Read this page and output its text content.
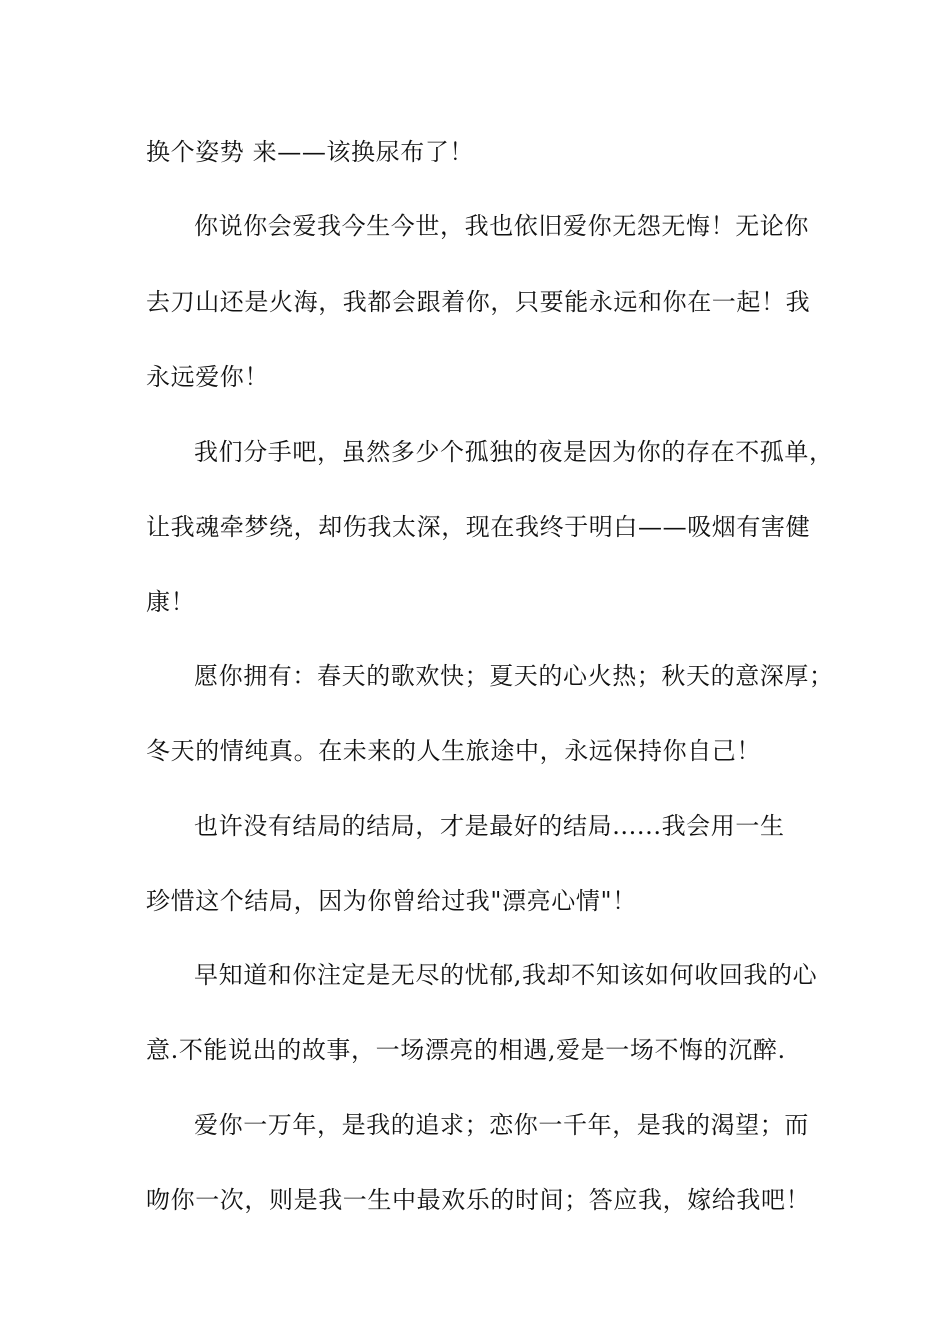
换个姿势 来——该换尿布了！
你说你会爱我今生今世，我也依旧爱你无怨无悔！无论你
去刀山还是火海，我都会跟着你，只要能永远和你在一起！我
永远爱你！
我们分手吧，虽然多少个孤独的夜是因为你的存在不孤单，
让我魂牵梦绕，却伤我太深，现在我终于明白——吸烟有害健
康！
愿你拥有：春天的歌欢快；夏天的心火热；秋天的意深厚；
冬天的情纯真。在未来的人生旅途中，永远保持你自己！
也许没有结局的结局，才是最好的结局......我会用一生
珍惜这个结局，因为你曾给过我"漂亮心情"！
早知道和你注定是无尽的忧郁,我却不知该如何收回我的心
意.不能说出的故事，一场漂亮的相遇,爱是一场不悔的沉醉.
爱你一万年，是我的追求；恋你一千年，是我的渴望；而
吻你一次，则是我一生中最欢乐的时间；答应我，嫁给我吧！
